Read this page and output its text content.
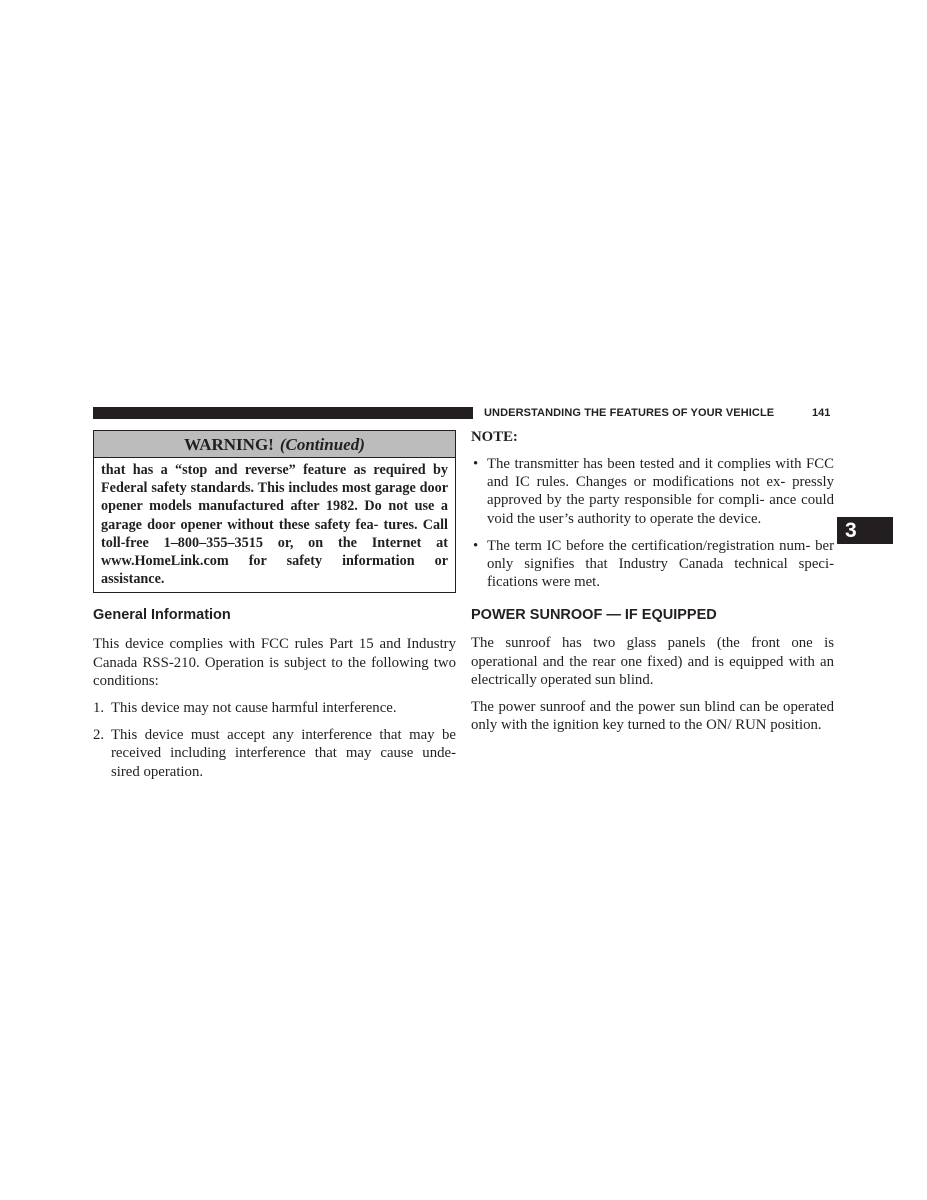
UNDERSTANDING THE FEATURES OF YOUR VEHICLE	141
3
WARNING! (Continued)
that has a “stop and reverse” feature as required by Federal safety standards. This includes most garage door opener models manufactured after 1982. Do not use a garage door opener without these safety fea- tures. Call toll-free 1–800–355–3515 or, on the Internet at www.HomeLink.com for safety information or assistance.
General Information

This device complies with FCC rules Part 15 and Industry Canada RSS-210. Operation is subject to the following two conditions:

1. This device may not cause harmful interference.
2. This device must accept any interference that may be received including interference that may cause unde- sired operation.
NOTE:
• The transmitter has been tested and it complies with FCC and IC rules. Changes or modifications not ex- pressly approved by the party responsible for compli- ance could void the user’s authority to operate the device.
• The term IC before the certification/registration num- ber only signifies that Industry Canada technical speci- fications were met.
POWER SUNROOF — IF EQUIPPED

The sunroof has two glass panels (the front one is operational and the rear one fixed) and is equipped with an electrically operated sun blind.

The power sunroof and the power sun blind can be operated only with the ignition key turned to the ON/ RUN position.
